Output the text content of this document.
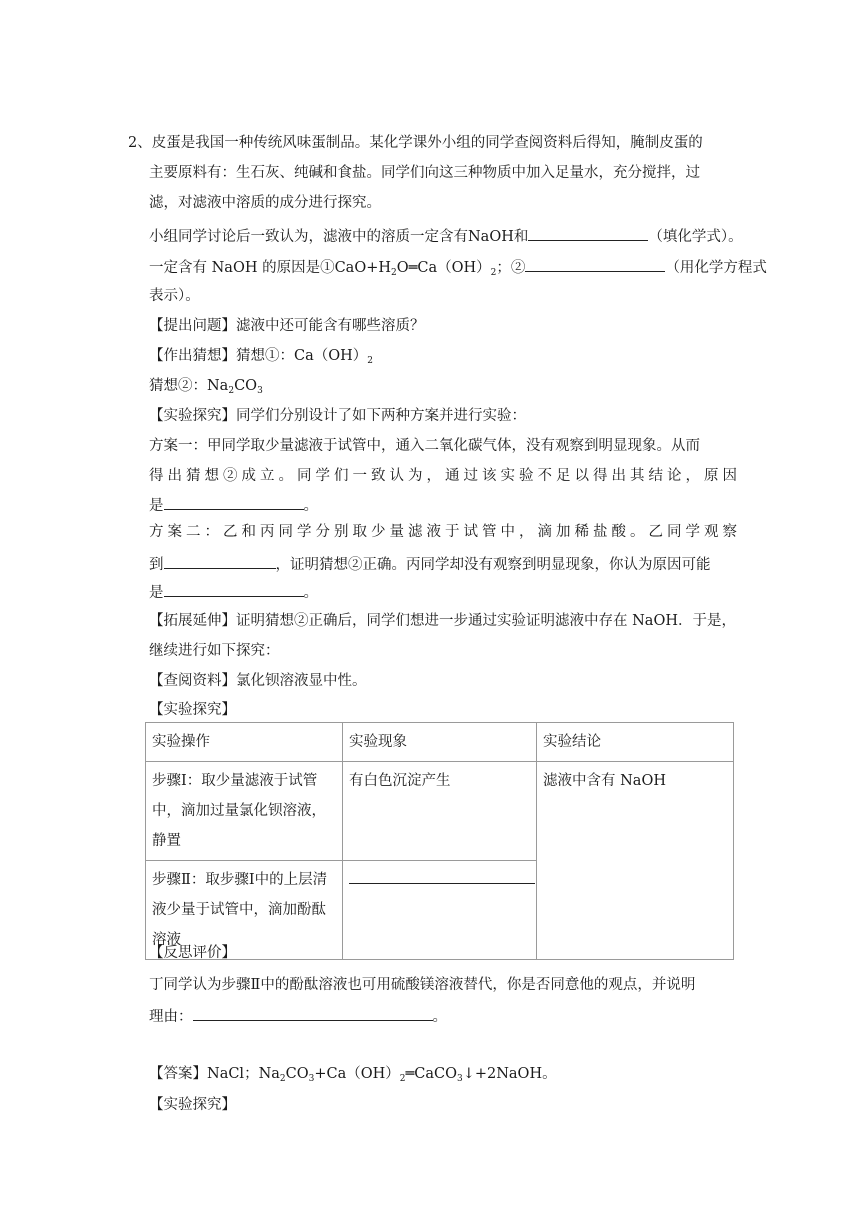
2、皮蛋是我国一种传统风味蛋制品。某化学课外小组的同学查阅资料后得知，腌制皮蛋的
主要原料有：生石灰、纯碱和食盐。同学们向这三种物质中加入足量水，充分搅拌，过
滤，对滤液中溶质的成分进行探究。
小组同学讨论后一致认为，滤液中的溶质一定含有NaOH和	（填化学式）。
一定含有 NaOH 的原因是$①CaO+H_2O═Ca(OH)_2$；②	（用化学方程式
表示）。
【提出问题】滤液中还可能含有哪些溶质？
【作出猜想】猜想①：$Ca(OH)_2$
猜想②：$Na_2CO_3$
【实验探究】同学们分别设计了如下两种方案并进行实验：
方案一：甲同学取少量滤液于试管中，通入二氧化碳气体，没有观察到明显现象。从而
得出猜想②成立。同学们一致认为，通过该实验不足以得出其结论，原因
是	。
方案二：乙和丙同学分别取少量滤液于试管中，滴加稀盐酸。乙同学观察
到	，证明猜想②正确。丙同学却没有观察到明显现象，你认为原因可能
是	。
【拓展延伸】证明猜想②正确后，同学们想进一步通过实验证明滤液中存在 NaOH．于是，
继续进行如下探究：
【查阅资料】氯化钡溶液显中性。
【实验探究】
实验操作	实验现象	实验结论
步骤Ⅰ：取少量滤液于试管中，滴加过量氯化钡溶液，静置	有白色沉淀产生	滤液中含有 NaOH
步骤Ⅱ：取步骤Ⅰ中的上层清液少量于试管中，滴加酚酞溶液		
【反思评价】
丁同学认为步骤Ⅱ中的酚酞溶液也可用硫酸镁溶液替代，你是否同意他的观点，并说明
理由：	。
【答案】NaCl；$Na_2CO_3+Ca(OH)_2═CaCO_3↓+2NaOH$。
【实验探究】
